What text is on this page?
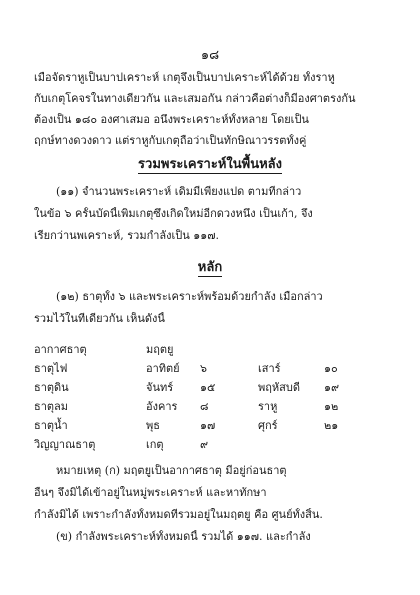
๑๘
เมื่อจัดราหูเป็นบาปเคราะห์ เกตุจึงเป็นบาปเคราะห์ได้ด้วย ทั้งราหู
กับเกตุโคจรในทางเดียวกัน และเสมอกัน กล่าวคือต่างก็มีองศาตรงกัน
ต้องเป็น ๑๘๐ องศาเสมอ อนึ่งพระเคราะห์ทั้งหลาย โดยเป็น
ฤกษ์ทางดวงดาว แต่ราหูกับเกตุถือว่าเป็นทักษิณาวรรตทั้งคู่
รวมพระเคราะห์ในพื้นหลัง
(๑๑) จำนวนพระเคราะห์ เดิมมีเพียงแปด ตามที่กล่าว
ในข้อ ๖ ครั้นบัดนี้เพิ่มเกตุซึ่งเกิดใหม่อีกดวงหนึ่ง เป็นเก้า, จึง
เรียกว่านพเคราะห์, รวมกำลังเป็น ๑๑๗.
หลัก
(๑๒) ธาตุทั้ง ๖ และพระเคราะห์พร้อมด้วยกำลัง เมื่อกล่าว
รวมไว้ในที่เดียวกัน เห็นดังนี้
อากาศธาตุ	มฤตยู
ธาตุไฟ	อาทิตย์ ๖	เสาร์	๑๐
ธาตุดิน	จันทร์ ๑๕	พฤหัสบดี ๑๙
ธาตุลม	อังคาร ๘	ราหู	๑๒
ธาตุน้ำ	พุธ	๑๗	ศุกร์	๒๑
วิญญาณธาตุ	เกตุ	๙
หมายเหตุ (ก) มฤตยูเป็นอากาศธาตุ มีอยู่ก่อนธาตุ
อื่นๆ จึงมิได้เข้าอยู่ในหมู่พระเคราะห์ และหาทักษา
กำลังมิได้ เพราะกำลังทั้งหมดที่รวมอยู่ในมฤตยู คือ ศูนย์ทั้งสิ้น.
(ข) กำลังพระเคราะห์ทั้งหมดนี้ รวมได้ ๑๑๗. และกำลัง
